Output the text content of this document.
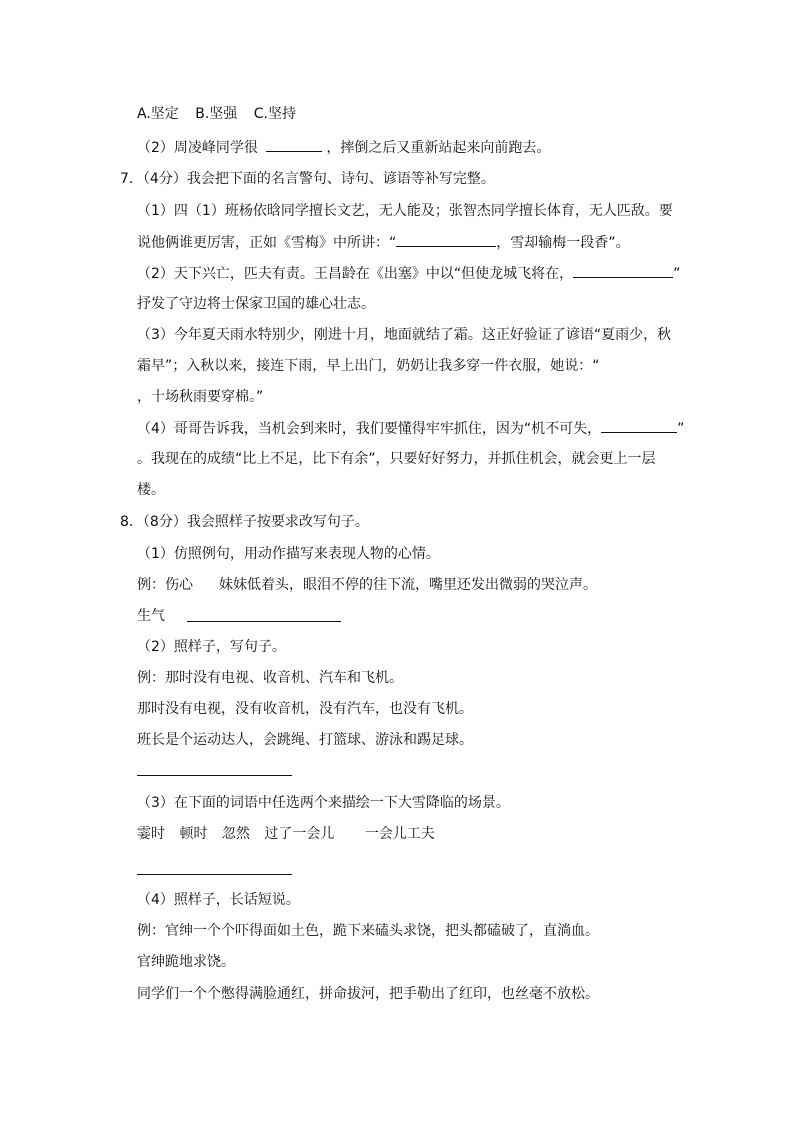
A.坚定 B.坚强 C.坚持
（2）周凌峰同学很	，摔倒之后又重新站起来向前跑去。
7．（4分）我会把下面的名言警句、诗句、谚语等补写完整。
（1）四（1）班杨依晗同学擅长文艺，无人能及；张智杰同学擅长体育，无人匹敌。要
说他俩谁更厉害，正如《雪梅》中所讲：“	，雪却输梅一段香”。
（2）天下兴亡，匹夫有责。王昌龄在《出塞》中以“但使龙城飞将在，	”
抒发了守边将士保家卫国的雄心壮志。
（3）今年夏天雨水特别少，刚进十月，地面就结了霜。这正好验证了谚语“夏雨少，秋
霜早”；入秋以来，接连下雨，早上出门，奶奶让我多穿一件衣服，她说：“
，十场秋雨要穿棉。”
（4）哥哥告诉我，当机会到来时，我们要懂得牢牢抓住，因为“机不可失，	”
。我现在的成绩“比上不足，比下有余”，只要好好努力，并抓住机会，就会更上一层
楼。
8．（8分）我会照样子按要求改写句子。
（1）仿照例句，用动作描写来表现人物的心情。
例：伤心 妹妹低着头，眼泪不停的往下流，嘴里还发出微弱的哭泣声。
生气
（2）照样子，写句子。
例：那时没有电视、收音机、汽车和飞机。
那时没有电视，没有收音机，没有汽车，也没有飞机。
班长是个运动达人，会跳绳、打篮球、游泳和踢足球。
（3）在下面的词语中任选两个来描绘一下大雪降临的场景。
霎时 顿时 忽然 过了一会儿 一会儿工夫
（4）照样子，长话短说。
例：官绅一个个吓得面如土色，跪下来磕头求饶，把头都磕破了，直淌血。
官绅跪地求饶。
同学们一个个憋得满脸通红，拼命拔河，把手勒出了红印，也丝毫不放松。
